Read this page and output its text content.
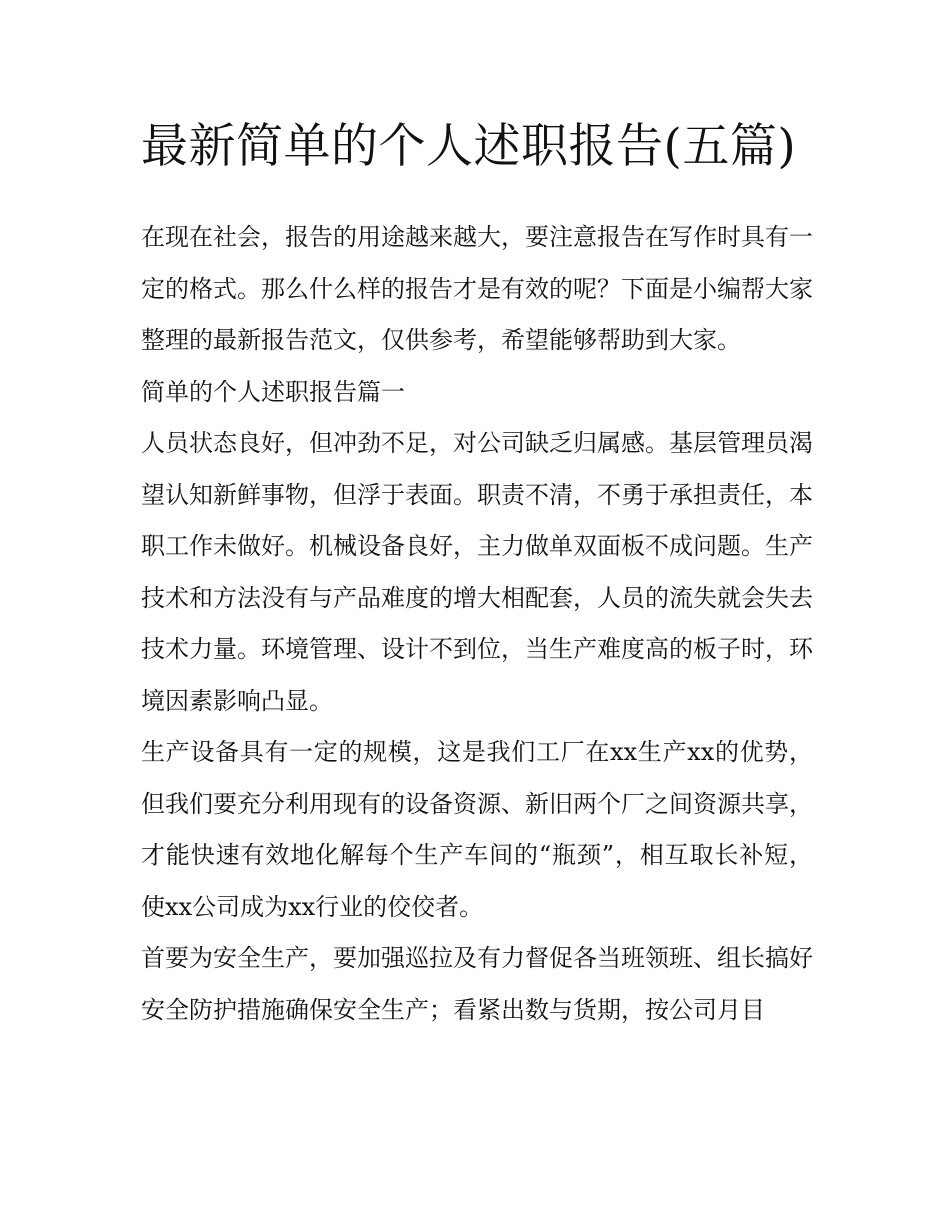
最新简单的个人述职报告(五篇)

在现在社会，报告的用途越来越大，要注意报告在写作时具有一定的格式。那么什么样的报告才是有效的呢？下面是小编帮大家整理的最新报告范文，仅供参考，希望能够帮助到大家。

简单的个人述职报告篇一

人员状态良好，但冲劲不足，对公司缺乏归属感。基层管理员渴望认知新鲜事物，但浮于表面。职责不清，不勇于承担责任，本职工作未做好。机械设备良好，主力做单双面板不成问题。生产技术和方法没有与产品难度的增大相配套，人员的流失就会失去技术力量。环境管理、设计不到位，当生产难度高的板子时，环境因素影响凸显。

生产设备具有一定的规模，这是我们工厂在xx生产xx的优势，但我们要充分利用现有的设备资源、新旧两个厂之间资源共享，才能快速有效地化解每个生产车间的“瓶颈”，相互取长补短，使xx公司成为xx行业的佼佼者。

首要为安全生产，要加强巡拉及有力督促各当班领班、组长搞好安全防护措施确保安全生产；看紧出数与货期，按公司月目
